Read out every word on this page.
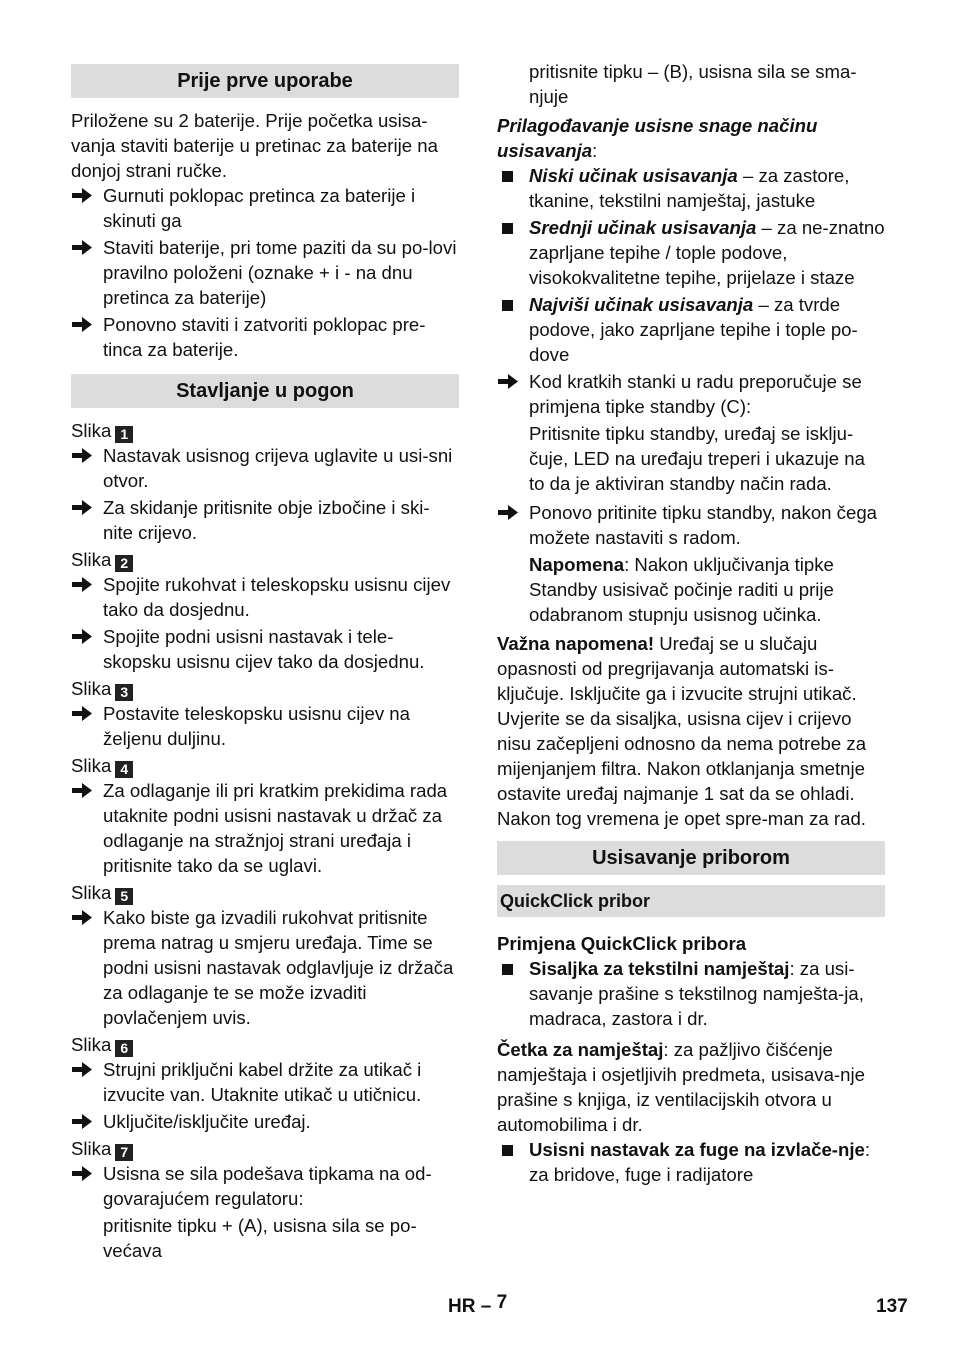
Prije prve uporabe

Priložene su 2 baterije. Prije početka usisa-vanja staviti baterije u pretinac za baterije na donjoj strani ručke.

Gurnuti poklopac pretinca za baterije i skinuti ga
Staviti baterije, pri tome paziti da su po-lovi pravilno položeni (oznake + i - na dnu pretinca za baterije)
Ponovno staviti i zatvoriti poklopac pre-tinca za baterije.
Stavljanje u pogon

Slika 1

Nastavak usisnog crijeva uglavite u usi-sni otvor.
Za skidanje pritisnite obje izbočine i ski-nite crijevo.

Slika 2

Spojite rukohvat i teleskopsku usisnu cijev tako da dosjednu.
Spojite podni usisni nastavak i tele-skopsku usisnu cijev tako da dosjednu.

Slika 3

Postavite teleskopsku usisnu cijev na željenu duljinu.

Slika 4

Za odlaganje ili pri kratkim prekidima rada utaknite podni usisni nastavak u držač za odlaganje na stražnjoj strani uređaja i pritisnite tako da se uglavi.

Slika 5

Kako biste ga izvadili rukohvat pritisnite prema natrag u smjeru uređaja. Time se podni usisni nastavak odglavljuje iz držača za odlaganje te se može izvaditi povlačenjem uvis.

Slika 6

Strujni priključni kabel držite za utikač i izvucite van. Utaknite utikač u utičnicu.
Uključite/isključite uređaj.

Slika 7

Usisna se sila podešava tipkama na od-govarajućem regulatoru:

pritisnite tipku + (A), usisna sila se po-većava

pritisnite tipku – (B), usisna sila se sma-njuje

Prilagođavanje usisne snage načinu usisavanja:

Niski učinak usisavanja – za zastore, tkanine, tekstilni namještaj, jastuke
Srednji učinak usisavanja – za ne-znatno zaprljane tepihe / tople podove, visokokvalitetne tepihe, prijelaze i staze
Najviši učinak usisavanja – za tvrde podove, jako zaprljane tepihe i tople po-dove
Kod kratkih stanki u radu preporučuje se primjena tipke standby (C):

Pritisnite tipku standby, uređaj se isklju-čuje, LED na uređaju treperi i ukazuje na to da je aktiviran standby način rada.

Ponovo pritinite tipku standby, nakon čega možete nastaviti s radom.

Napomena: Nakon uključivanja tipke Standby usisivač počinje raditi u prije odabranom stupnju usisnog učinka.

Važna napomena! Uređaj se u slučaju opasnosti od pregrijavanja automatski is-ključuje. Isključite ga i izvucite strujni utikač. Uvjerite se da sisaljka, usisna cijev i crijevo nisu začepljeni odnosno da nema potrebe za mijenjanjem filtra. Nakon otklanjanja smetnje ostavite uređaj najmanje 1 sat da se ohladi. Nakon tog vremena je opet spre-man za rad.

Usisavanje priborom
QuickClick pribor

Primjena QuickClick pribora

Sisaljka za tekstilni namještaj: za usi-savanje prašine s tekstilnog namješta-ja, madraca, zastora i dr.

Četka za namještaj: za pažljivo čišćenje namještaja i osjetljivih predmeta, usisava-nje prašine s knjiga, iz ventilacijskih otvora u automobilima i dr.

Usisni nastavak za fuge na izvlače-nje: za bridove, fuge i radijatore
HR – 7	137
